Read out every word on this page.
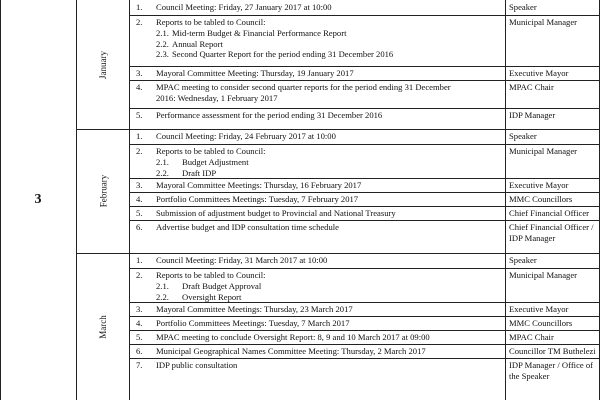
3
January
1. Council Meeting: Friday, 27 January 2017 at 10:00	Speaker
2. Reports to be tabled to Council:
2.1. Mid-term Budget & Financial Performance Report
2.2. Annual Report
2.3. Second Quarter Report for the period ending 31 December 2016
Municipal Manager
3. Mayoral Committee Meeting: Thursday, 19 January 2017	Executive Mayor
4. MPAC meeting to consider second quarter reports for the period ending 31 December
2016: Wednesday, 1 February 2017
MPAC Chair
5. Performance assessment for the period ending 31 December 2016	IDP Manager
February
1. Council Meeting: Friday, 24 February 2017 at 10:00	Speaker
2. Reports to be tabled to Council:
2.1. Budget Adjustment
2.2. Draft IDP
Municipal Manager
3. Mayoral Committee Meetings: Thursday, 16 February 2017	Executive Mayor
4. Portfolio Committees Meetings: Tuesday, 7 February 2017	MMC Councillors
5. Submission of adjustment budget to Provincial and National Treasury	Chief Financial Officer
6. Advertise budget and IDP consultation time schedule	Chief Financial Officer /
IDP Manager
March
1. Council Meeting: Friday, 31 March 2017 at 10:00	Speaker
2. Reports to be tabled to Council:
2.1. Draft Budget Approval
2.2. Oversight Report
Municipal Manager
3. Mayoral Committee Meetings: Thursday, 23 March 2017	Executive Mayor
4. Portfolio Committees Meetings: Tuesday, 7 March 2017	MMC Councillors
5. MPAC meeting to conclude Oversight Report: 8, 9 and 10 March 2017 at 09:00	MPAC Chair
6. Municipal Geographical Names Committee Meeting: Thursday, 2 March 2017	Councillor TM Buthelezi
7. IDP public consultation	IDP Manager / Office of
the Speaker
